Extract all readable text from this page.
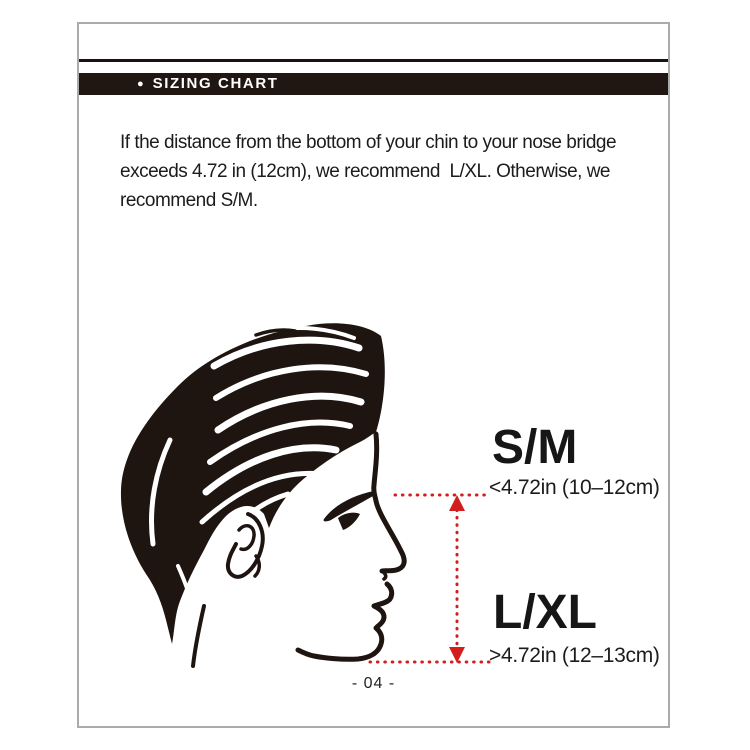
● SIZING CHART
If the distance from the bottom of your chin to your nose bridge
exceeds 4.72 in (12cm), we recommend  L/XL. Otherwise, we
recommend S/M.
S/M
<4.72in (10–12cm)
L/XL
>4.72in (12–13cm)
- 04 -
